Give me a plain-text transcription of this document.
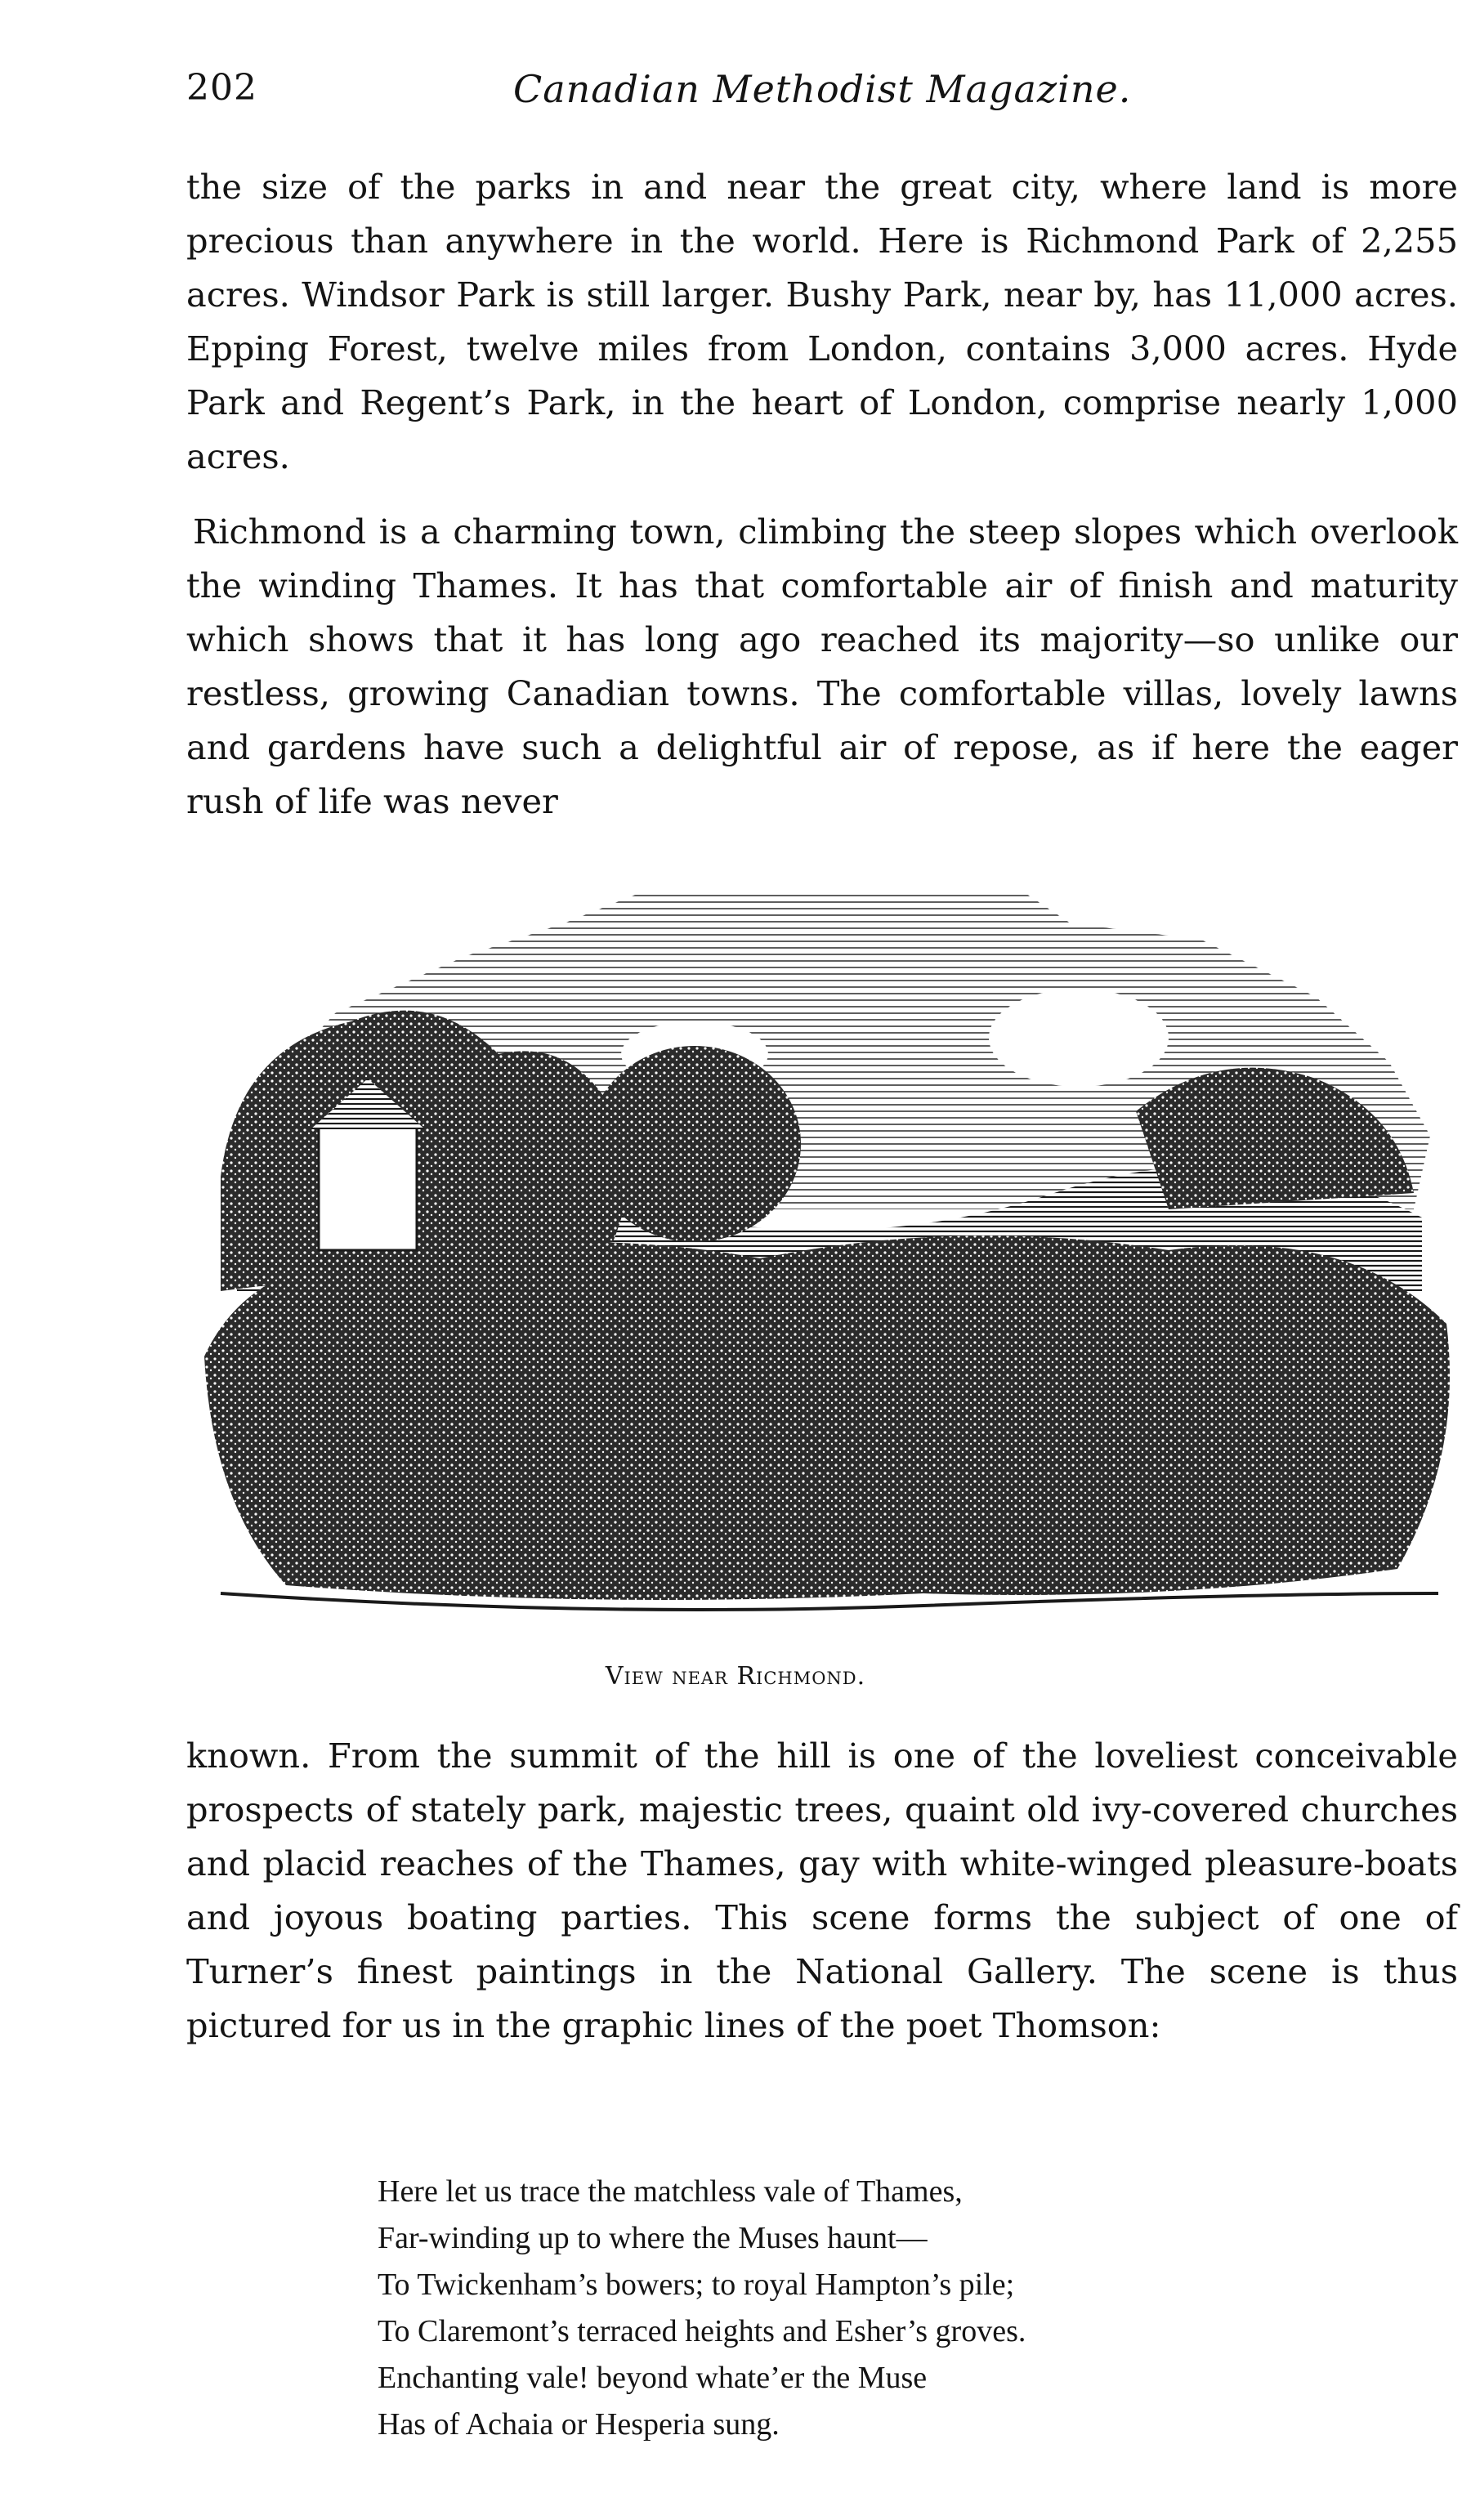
202	Canadian Methodist Magazine.

the size of the parks in and near the great city, where land is more precious than anywhere in the world. Here is Richmond Park of 2,255 acres. Windsor Park is still larger. Bushy Park, near by, has 11,000 acres. Epping Forest, twelve miles from London, contains 3,000 acres. Hyde Park and Regent’s Park, in the heart of London, comprise nearly 1,000 acres.

Richmond is a charming town, climbing the steep slopes which overlook the winding Thames. It has that comfortable air of finish and maturity which shows that it has long ago reached its majority—so unlike our restless, growing Canadian towns. The comfortable villas, lovely lawns and gardens have such a delightful air of repose, as if here the eager rush of life was never

View near Richmond.

known. From the summit of the hill is one of the loveliest conceivable prospects of stately park, majestic trees, quaint old ivy-covered churches and placid reaches of the Thames, gay with white-winged pleasure-boats and joyous boating parties. This scene forms the subject of one of Turner’s finest paintings in the National Gallery. The scene is thus pictured for us in the graphic lines of the poet Thomson:

Here let us trace the matchless vale of Thames,
Far-winding up to where the Muses haunt—
To Twickenham’s bowers; to royal Hampton’s pile;
To Claremont’s terraced heights and Esher’s groves.
Enchanting vale! beyond whate’er the Muse
Has of Achaia or Hesperia sung.
